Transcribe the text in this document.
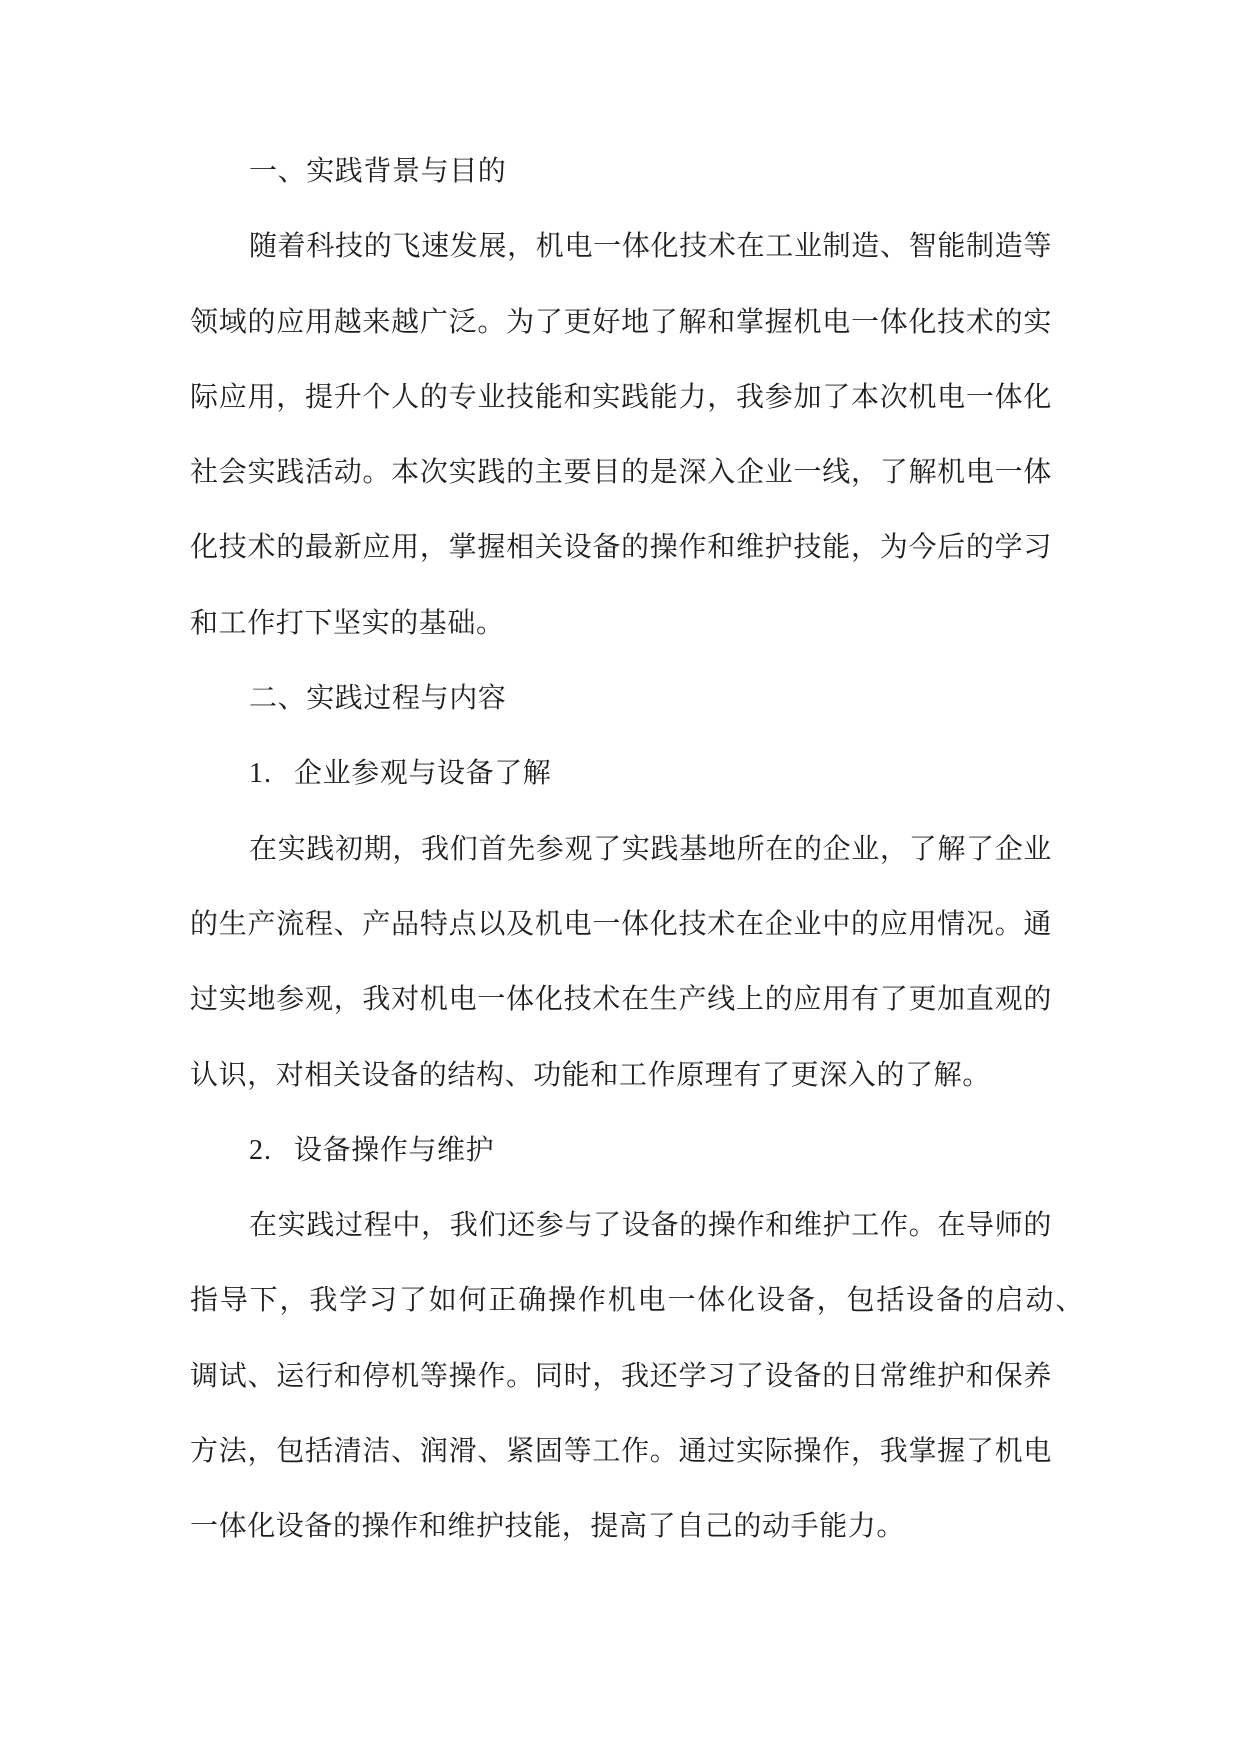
一、实践背景与目的
随着科技的飞速发展，机电一体化技术在工业制造、智能制造等
领域的应用越来越广泛。为了更好地了解和掌握机电一体化技术的实
际应用，提升个人的专业技能和实践能力，我参加了本次机电一体化
社会实践活动。本次实践的主要目的是深入企业一线，了解机电一体
化技术的最新应用，掌握相关设备的操作和维护技能，为今后的学习
和工作打下坚实的基础。
二、实践过程与内容
1. 企业参观与设备了解
在实践初期，我们首先参观了实践基地所在的企业，了解了企业
的生产流程、产品特点以及机电一体化技术在企业中的应用情况。通
过实地参观，我对机电一体化技术在生产线上的应用有了更加直观的
认识，对相关设备的结构、功能和工作原理有了更深入的了解。
2. 设备操作与维护
在实践过程中，我们还参与了设备的操作和维护工作。在导师的
指导下，我学习了如何正确操作机电一体化设备，包括设备的启动、
调试、运行和停机等操作。同时，我还学习了设备的日常维护和保养
方法，包括清洁、润滑、紧固等工作。通过实际操作，我掌握了机电
一体化设备的操作和维护技能，提高了自己的动手能力。
